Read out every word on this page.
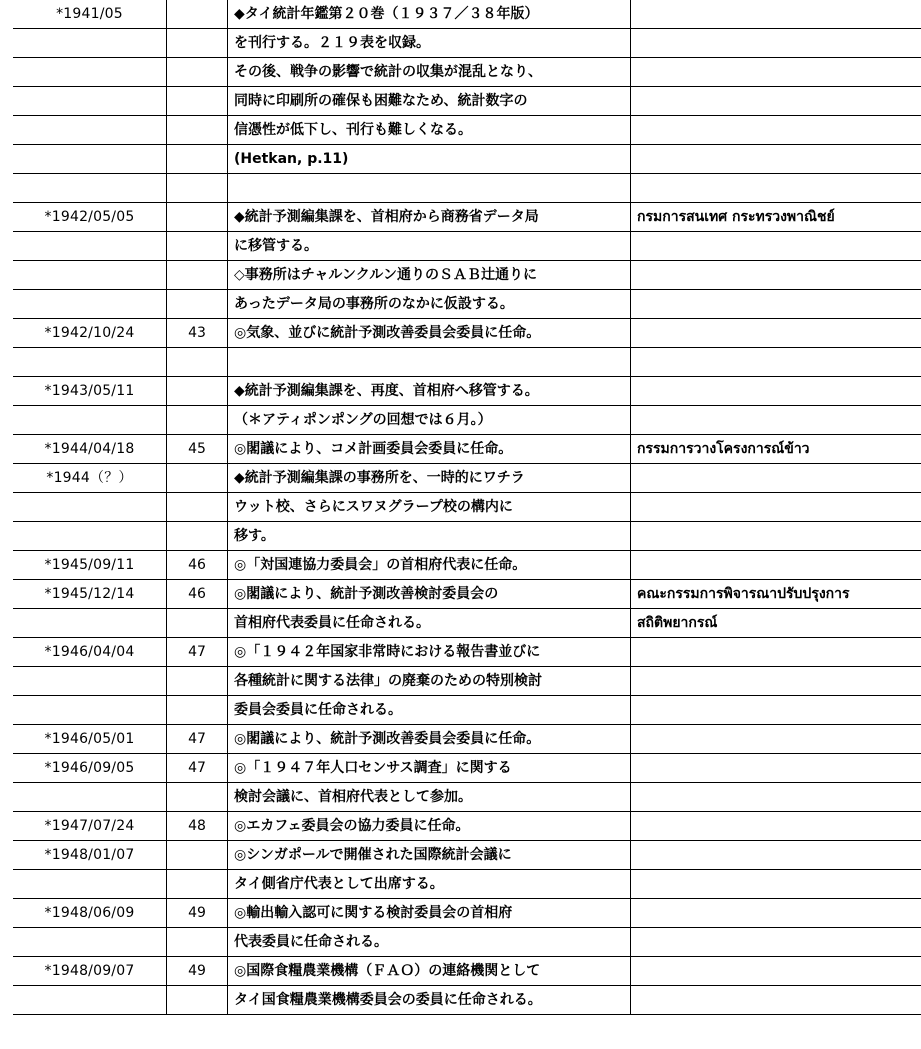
*1941/05		◆タイ統計年鑑第２０巻（１９３７／３８年版）	
		を刊行する。２１９表を収録。	
		その後、戦争の影響で統計の収集が混乱となり、	
		同時に印刷所の確保も困難なため、統計数字の	
		信憑性が低下し、刊行も難しくなる。	
		(Hetkan, p.11)	

*1942/05/05		◆統計予測編集課を、首相府から商務省データ局	กรมการสนเทศ กระทรวงพาณิชย์
		に移管する。	
		◇事務所はチャルンクルン通りのＳＡＢ辻通りに	
		あったデータ局の事務所のなかに仮設する。	
*1942/10/24	43	◎気象、並びに統計予測改善委員会委員に任命。	

*1943/05/11		◆統計予測編集課を、再度、首相府へ移管する。	
		（＊アティポンポングの回想では６月。）	
*1944/04/18	45	◎閣議により、コメ計画委員会委員に任命。	กรรมการวางโครงการณ์ข้าว
*1944（？）		◆統計予測編集課の事務所を、一時的にワチラ	
		ウット校、さらにスワヌグラープ校の構内に	
		移す。	
*1945/09/11	46	◎「対国連協力委員会」の首相府代表に任命。	
*1945/12/14	46	◎閣議により、統計予測改善検討委員会の	คณะกรรมการพิจารณาปรับปรุงการ
		首相府代表委員に任命される。	สถิติพยากรณ์
*1946/04/04	47	◎「１９４２年国家非常時における報告書並びに	
		各種統計に関する法律」の廃棄のための特別検討	
		委員会委員に任命される。	
*1946/05/01	47	◎閣議により、統計予測改善委員会委員に任命。	
*1946/09/05	47	◎「１９４７年人口センサス調査」に関する	
		検討会議に、首相府代表として参加。	
*1947/07/24	48	◎エカフェ委員会の協力委員に任命。	
*1948/01/07		◎シンガポールで開催された国際統計会議に	
		タイ側省庁代表として出席する。	
*1948/06/09	49	◎輸出輸入認可に関する検討委員会の首相府	
		代表委員に任命される。	
*1948/09/07	49	◎国際食糧農業機構（ＦＡＯ）の連絡機関として	
		タイ国食糧農業機構委員会の委員に任命される。	
